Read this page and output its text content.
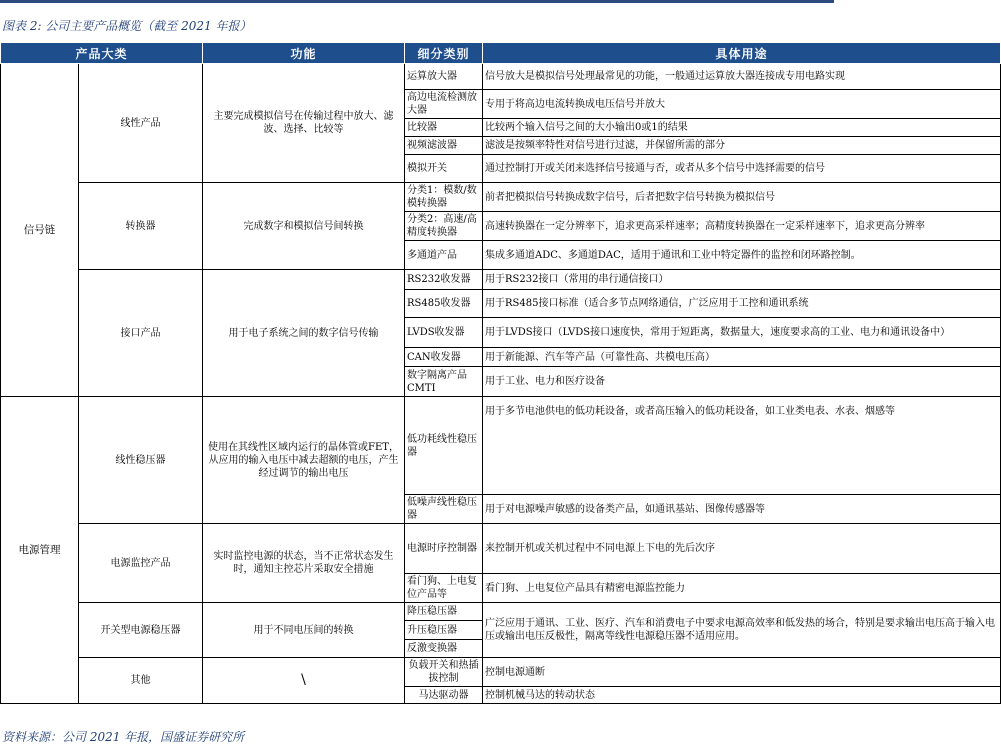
图表 2: 公司主要产品概览（截至 2021 年报）
产品大类		功能	细分类别	具体用途
信号链	线性产品	主要完成模拟信号在传输过程中放大、滤波、选择、比较等	运算放大器	信号放大是模拟信号处理最常见的功能，一般通过运算放大器连接成专用电路实现
			高边电流检测放大器	专用于将高边电流转换成电压信号并放大
			比较器	比较两个输入信号之间的大小输出0或1的结果
			视频滤波器	滤波是按频率特性对信号进行过滤，并保留所需的部分
			模拟开关	通过控制打开或关闭来选择信号接通与否，或者从多个信号中选择需要的信号
	转换器	完成数字和模拟信号间转换	分类1：模数/数模转换器	前者把模拟信号转换成数字信号，后者把数字信号转换为模拟信号
			分类2：高速/高精度转换器	高速转换器在一定分辨率下，追求更高采样速率；高精度转换器在一定采样速率下，追求更高分辨率
			多通道产品	集成多通道ADC、多通道DAC，适用于通讯和工业中特定器件的监控和闭环路控制。
	接口产品	用于电子系统之间的数字信号传输	RS232收发器	用于RS232接口（常用的串行通信接口）
			RS485收发器	用于RS485接口标准（适合多节点网络通信，广泛应用于工控和通讯系统
			LVDS收发器	用于LVDS接口（LVDS接口速度快，常用于短距离，数据量大，速度要求高的工业、电力和通讯设备中）
			CAN收发器	用于新能源、汽车等产品（可靠性高、共模电压高）
			数字隔离产品CMTI	用于工业、电力和医疗设备
电源管理	线性稳压器	使用在其线性区域内运行的晶体管或FET，从应用的输入电压中减去超额的电压，产生经过调节的输出电压	低功耗线性稳压器	用于多节电池供电的低功耗设备，或者高压输入的低功耗设备，如工业类电表、水表、烟感等
			低噪声线性稳压器	用于对电源噪声敏感的设备类产品，如通讯基站、图像传感器等
	电源监控产品	实时监控电源的状态，当不正常状态发生时，通知主控芯片采取安全措施	电源时序控制器	来控制开机或关机过程中不同电源上下电的先后次序
			看门狗、上电复位产品等	看门狗、上电复位产品具有精密电源监控能力
	开关型电源稳压器	用于不同电压间的转换	降压稳压器	广泛应用于通讯、工业、医疗、汽车和消费电子中要求电源高效率和低发热的场合，特别是要求输出电压高于输入电压或输出电压反极性，隔离等线性电源稳压器不适用应用。
			升压稳压器	
			反激变换器	
	其他	\	负载开关和热插拔控制	控制电源通断
			马达驱动器	控制机械马达的转动状态
资料来源：公司 2021 年报，国盛证券研究所
